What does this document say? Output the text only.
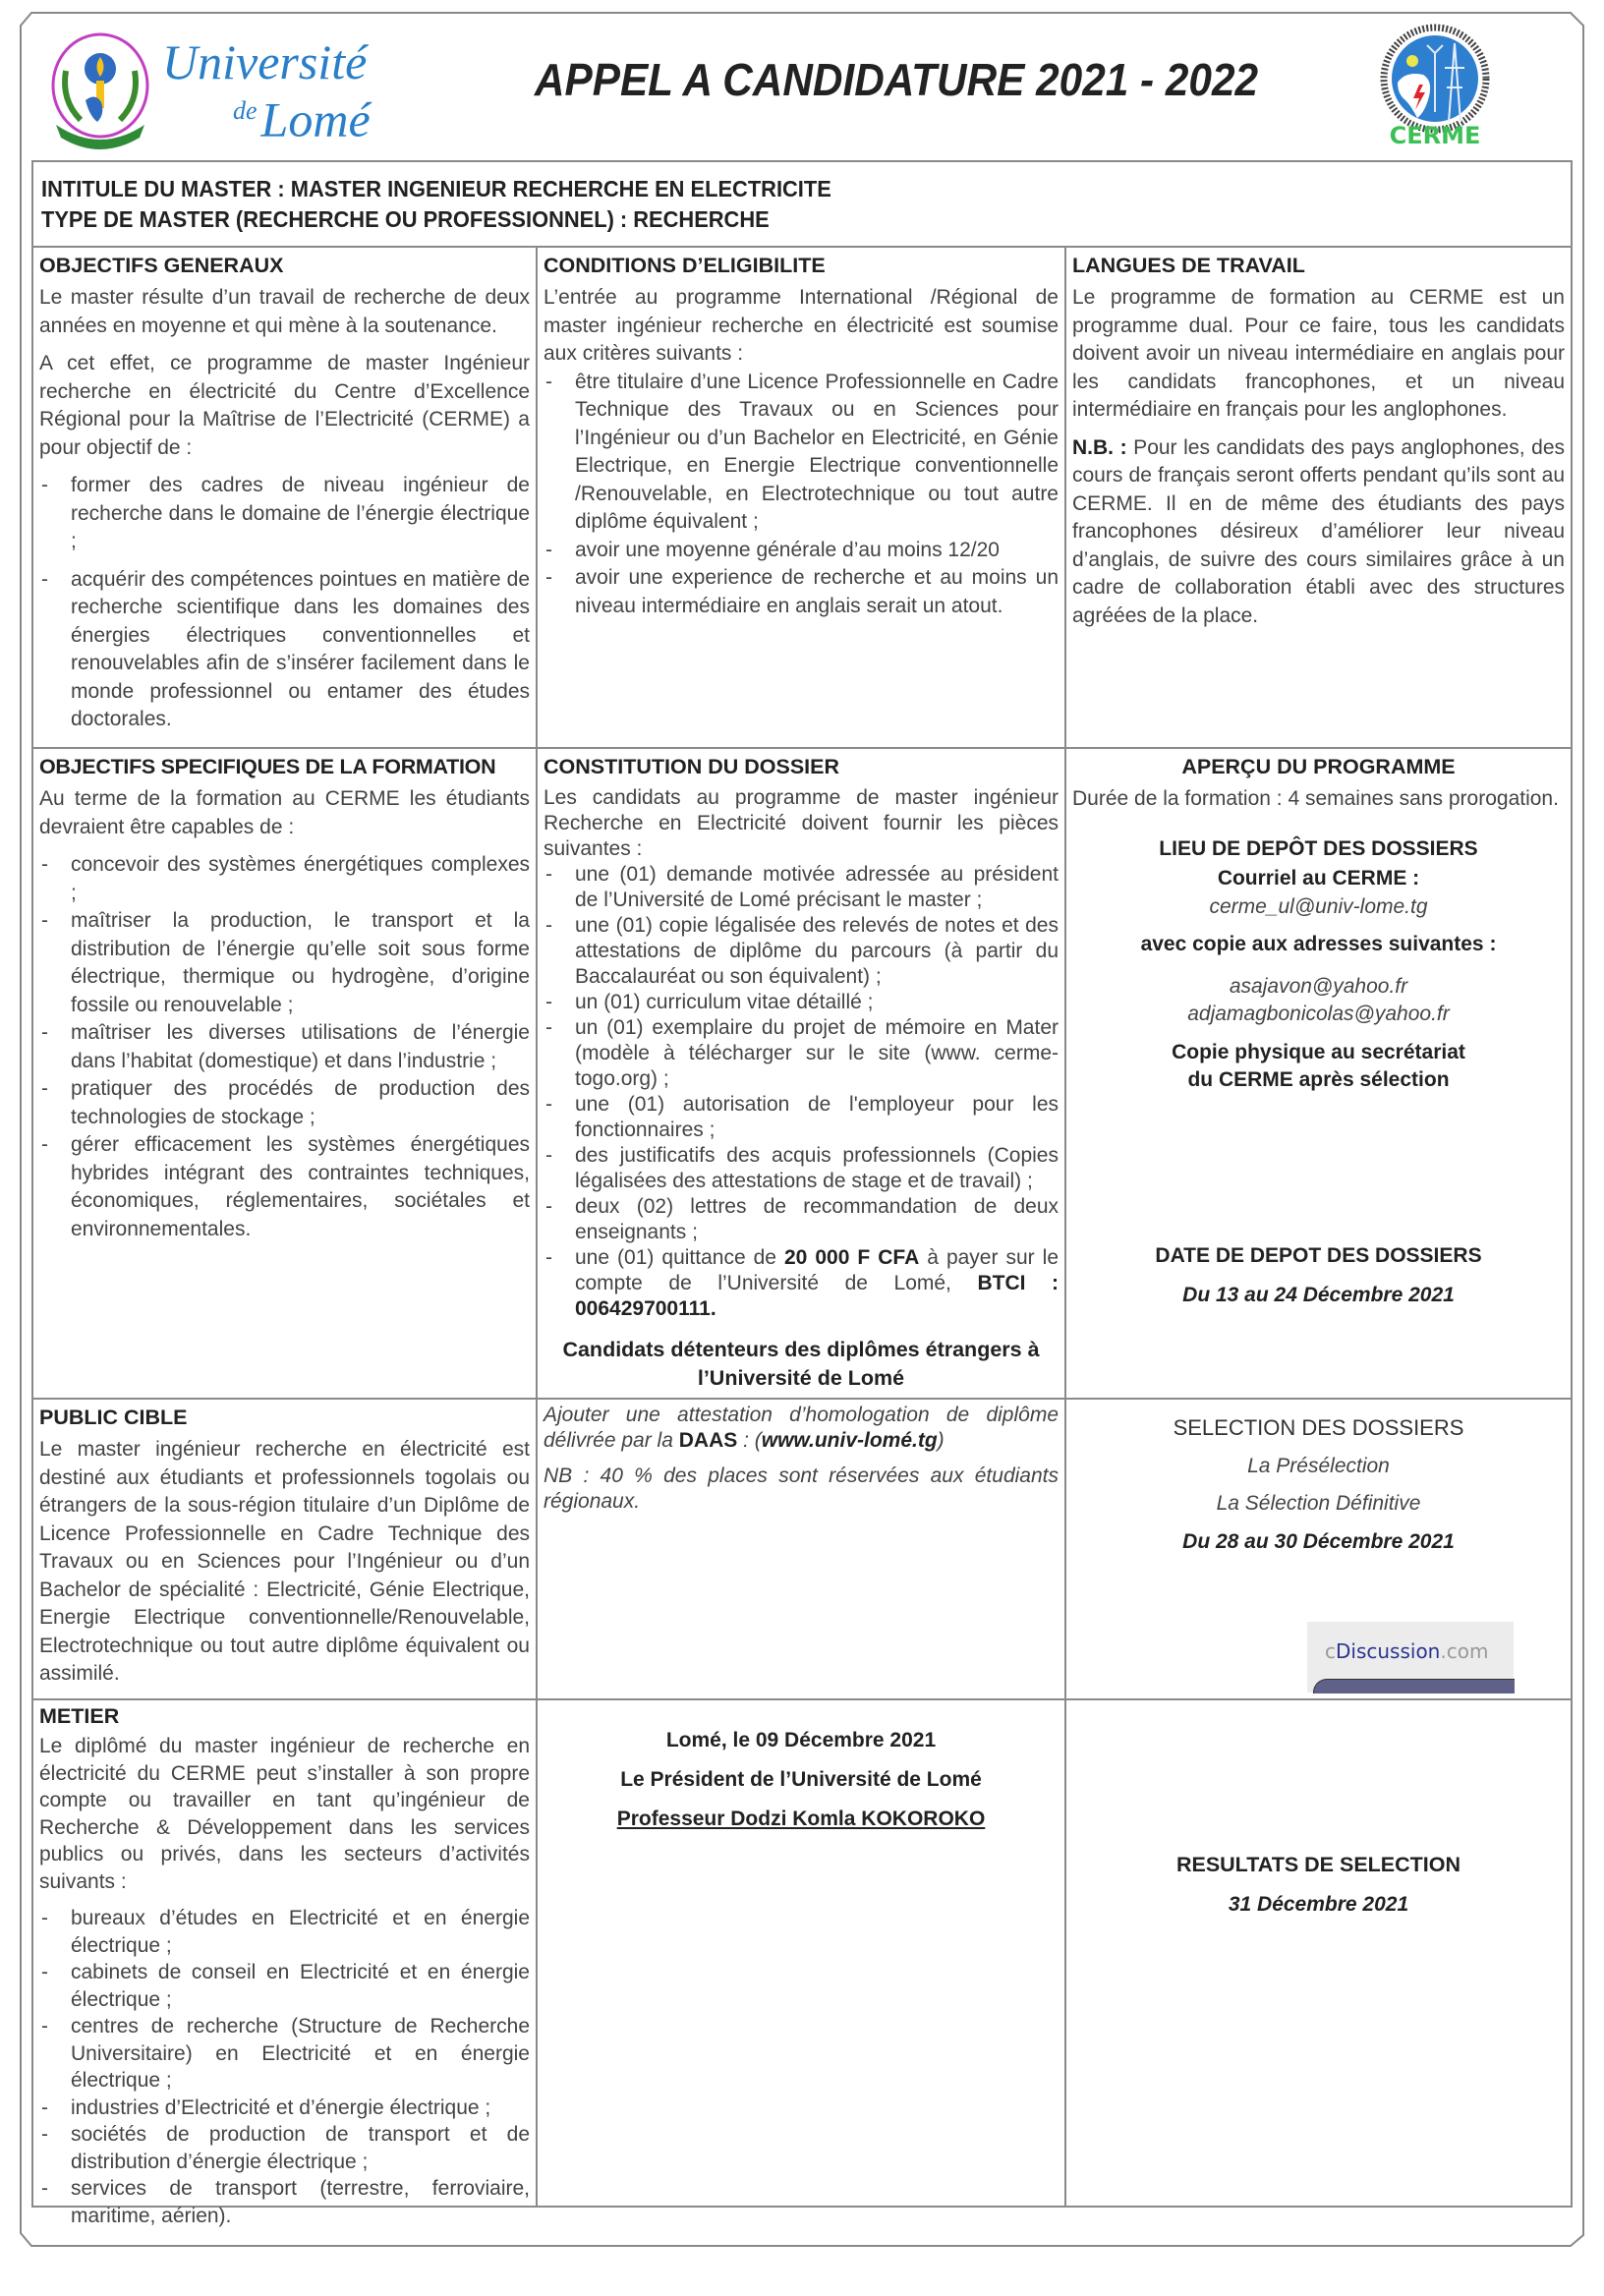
Université
$^{de}$Lomé
APPEL A CANDIDATURE 2021 - 2022
CERME
INTITULE DU MASTER : MASTER INGENIEUR RECHERCHE EN ELECTRICITE
TYPE DE MASTER (RECHERCHE OU PROFESSIONNEL) : RECHERCHE
OBJECTIFS GENERAUX

Le master résulte d’un travail de recherche de deux années en moyenne et qui mène à la soutenance.

A cet effet, ce programme de master Ingénieur recherche en électricité du Centre d’Excellence Régional pour la Maîtrise de l’Electricité (CERME) a pour objectif de :

- former des cadres de niveau ingénieur de recherche dans le domaine de l’énergie électrique ;
- acquérir des compétences pointues en matière de recherche scientifique dans les domaines des énergies électriques conventionnelles et renouvelables afin de s’insérer facilement dans le monde professionnel ou entamer des études doctorales.
CONDITIONS D’ELIGIBILITE

L’entrée au programme International /Régional de master ingénieur recherche en électricité est soumise aux critères suivants :

- être titulaire d’une Licence Professionnelle en Cadre Technique des Travaux ou en Sciences pour l’Ingénieur ou d’un Bachelor en Electricité, en Génie Electrique, en Energie Electrique conventionnelle /Renouvelable, en Electrotechnique ou tout autre diplôme équivalent ;
- avoir une moyenne générale d’au moins 12/20
- avoir une experience de recherche et au moins un niveau intermédiaire en anglais serait un atout.
LANGUES DE TRAVAIL

Le programme de formation au CERME est un programme dual. Pour ce faire, tous les candidats doivent avoir un niveau intermédiaire en anglais pour les candidats francophones, et un niveau intermédiaire en français pour les anglophones.

N.B. : Pour les candidats des pays anglophones, des cours de français seront offerts pendant qu’ils sont au CERME. Il en de même des étudiants des pays francophones désireux d’améliorer leur niveau d’anglais, de suivre des cours similaires grâce à un cadre de collaboration établi avec des structures agréées de la place.

OBJECTIFS SPECIFIQUES DE LA FORMATION

Au terme de la formation au CERME les étudiants devraient être capables de :

- concevoir des systèmes énergétiques complexes ;
- maîtriser la production, le transport et la distribution de l’énergie qu’elle soit sous forme électrique, thermique ou hydrogène, d’origine fossile ou renouvelable ;
- maîtriser les diverses utilisations de l’énergie dans l’habitat (domestique) et dans l’industrie ;
- pratiquer des procédés de production des technologies de stockage ;
- gérer efficacement les systèmes énergétiques hybrides intégrant des contraintes techniques, économiques, réglementaires, sociétales et environnementales.
CONSTITUTION DU DOSSIER

Les candidats au programme de master ingénieur Recherche en Electricité doivent fournir les pièces suivantes :

- une (01) demande motivée adressée au président de l’Université de Lomé précisant le master ;
- une (01) copie légalisée des relevés de notes et des attestations de diplôme du parcours (à partir du Baccalauréat ou son équivalent) ;
- un (01) curriculum vitae détaillé ;
- un (01) exemplaire du projet de mémoire en Mater (modèle à télécharger sur le site (www. cerme-togo.org) ;
- une (01) autorisation de l'employeur pour les fonctionnaires ;
- des justificatifs des acquis professionnels (Copies légalisées des attestations de stage et de travail) ;
- deux (02) lettres de recommandation de deux enseignants ;
- une (01) quittance de 20 000 F CFA à payer sur le compte de l’Université de Lomé, BTCI : 006429700111.
Candidats détenteurs des diplômes étrangers à l’Université de Lomé

Ajouter une attestation d’homologation de diplôme délivrée par la DAAS : (www.univ-lomé.tg)

NB : 40 % des places sont réservées aux étudiants régionaux.

APERÇU DU PROGRAMME

Durée de la formation : 4 semaines sans prorogation.

LIEU DE DEPÔT DES DOSSIERS
Courriel au CERME :
cerme_ul@univ-lome.tg
avec copie aux adresses suivantes :
asajavon@yahoo.fr
adjamagbonicolas@yahoo.fr
Copie physique au secrétariat
du CERME après sélection
DATE DE DEPOT DES DOSSIERS
Du 13 au 24 Décembre 2021
PUBLIC CIBLE

Le master ingénieur recherche en électricité est destiné aux étudiants et professionnels togolais ou étrangers de la sous-région titulaire d’un Diplôme de Licence Professionnelle en Cadre Technique des Travaux ou en Sciences pour l’Ingénieur ou d’un Bachelor de spécialité : Electricité, Génie Electrique, Energie Electrique conventionnelle/Renouvelable, Electrotechnique ou tout autre diplôme équivalent ou assimilé.

SELECTION DES DOSSIERS
La Présélection
La Sélection Définitive
Du 28 au 30 Décembre 2021
METIER

Le diplômé du master ingénieur de recherche en électricité du CERME peut s’installer à son propre compte ou travailler en tant qu’ingénieur de Recherche & Développement dans les services publics ou privés, dans les secteurs d’activités suivants :

- bureaux d’études en Electricité et en énergie électrique ;
- cabinets de conseil en Electricité et en énergie électrique ;
- centres de recherche (Structure de Recherche Universitaire) en Electricité et en énergie électrique ;
- industries d’Electricité et d’énergie électrique ;
- sociétés de production de transport et de distribution d’énergie électrique ;
- services de transport (terrestre, ferroviaire, maritime, aérien).
Lomé, le 09 Décembre 2021
Le Président de l’Université de Lomé
Professeur Dodzi Komla KOKOROKO
RESULTATS DE SELECTION
31 Décembre 2021
cDiscussion.com
